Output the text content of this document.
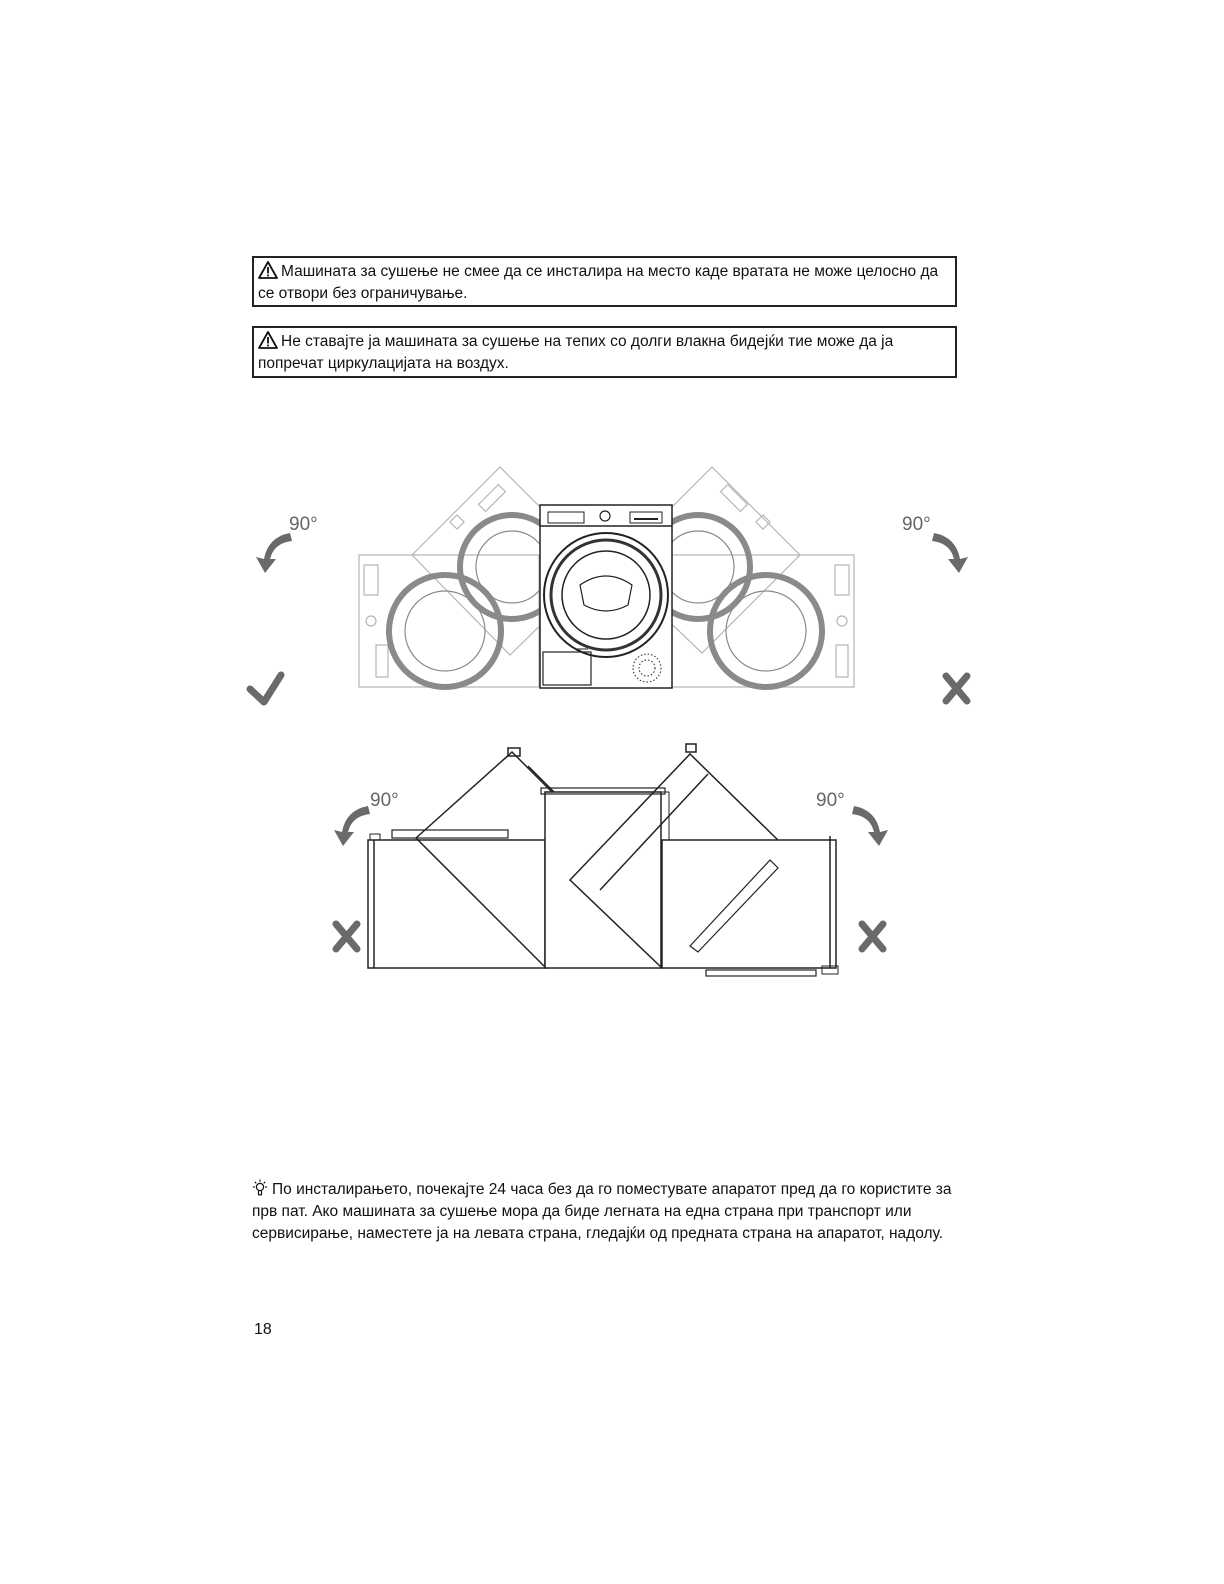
Машината за сушење не смее да се инсталира на место каде вратата не може целосно да се отвори без ограничување.
Не ставајте ја машината за сушење на тепих со долги влакна бидејќи тие може да ја попречат циркулацијата на воздух.
90°	90°
90°	90°
По инсталирањето, почекајте 24 часа без да го поместувате апаратот пред да го користите за прв пат. Ако машината за сушење мора да биде легната на една страна при транспорт или сервисирање, наместете ја на левата страна, гледајќи од предната страна на апаратот, надолу.
18
